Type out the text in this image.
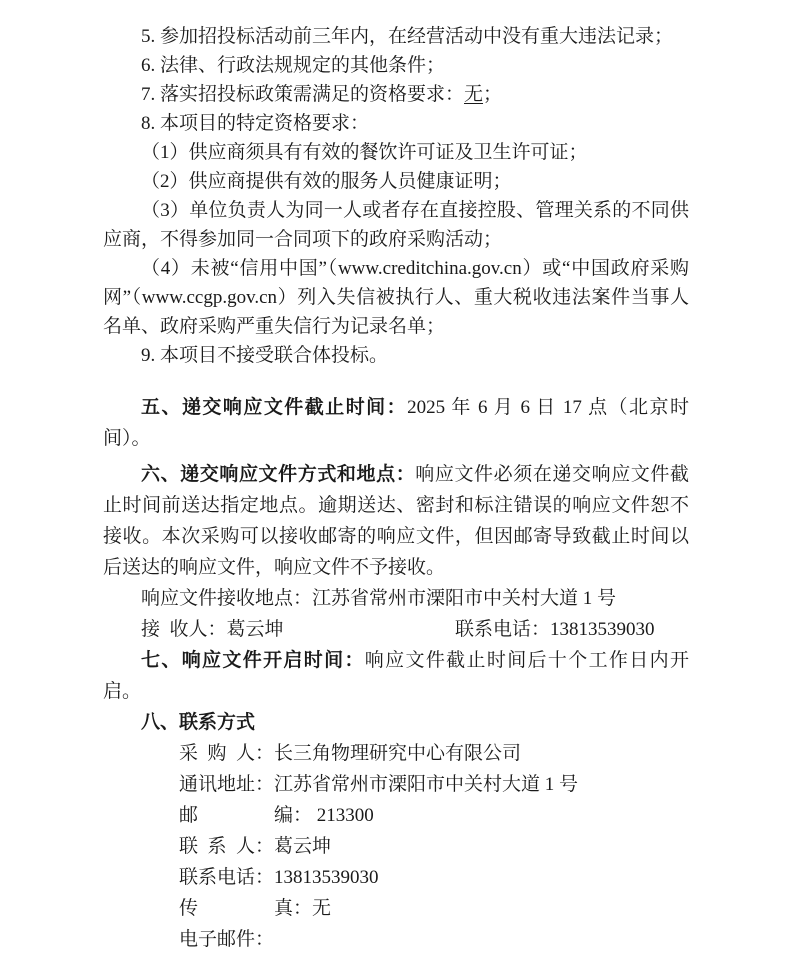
5. 参加招投标活动前三年内，在经营活动中没有重大违法记录；

6. 法律、行政法规规定的其他条件；

7. 落实招投标政策需满足的资格要求：无；

8. 本项目的特定资格要求：

（1）供应商须具有有效的餐饮许可证及卫生许可证；

（2）供应商提供有效的服务人员健康证明；

（3）单位负责人为同一人或者存在直接控股、管理关系的不同供应商，不得参加同一合同项下的政府采购活动；

（4）未被“信用中国”（www.creditchina.gov.cn）或“中国政府采购网”（www.ccgp.gov.cn）列入失信被执行人、重大税收违法案件当事人名单、政府采购严重失信行为记录名单；

9. 本项目不接受联合体投标。

五、递交响应文件截止时间：2025 年 6 月 6 日 17 点（北京时间）。

六、递交响应文件方式和地点：响应文件必须在递交响应文件截止时间前送达指定地点。逾期送达、密封和标注错误的响应文件恕不接收。本次采购可以接收邮寄的响应文件，但因邮寄导致截止时间以后送达的响应文件，响应文件不予接收。

响应文件接收地点：江苏省常州市溧阳市中关村大道 1 号

接  收人：葛云坤	联系电话：13813539030

七、响应文件开启时间：响应文件截止时间后十个工作日内开启。

八、联系方式

采  购  人：长三角物理研究中心有限公司

通讯地址：江苏省常州市溧阳市中关村大道 1 号

邮                编： 213300

联  系  人：葛云坤

联系电话：13813539030

传                真：无

电子邮件：
